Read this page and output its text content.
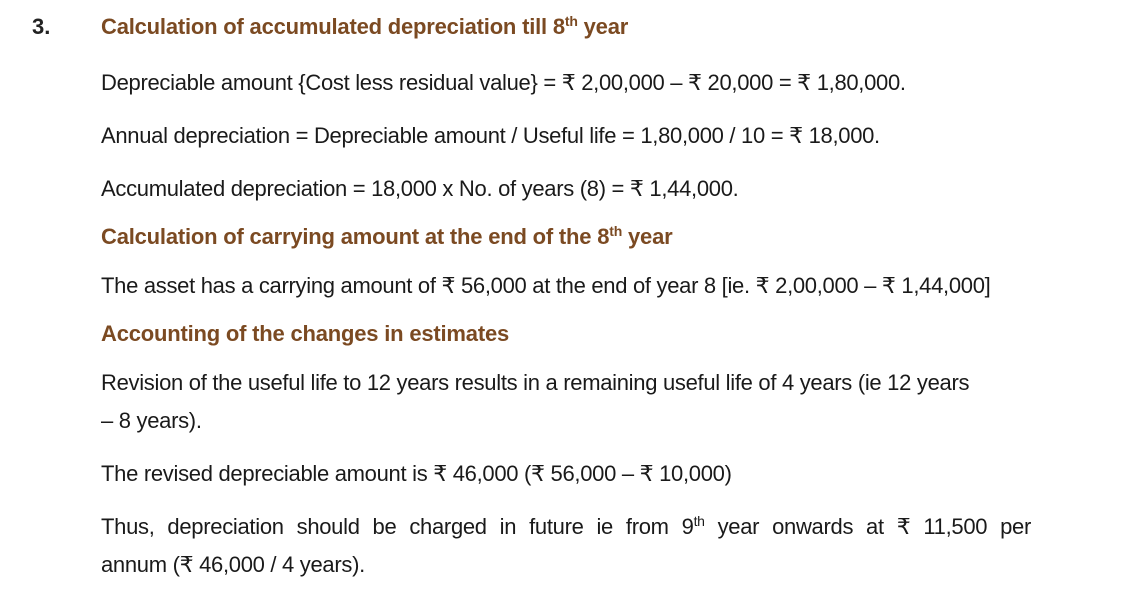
3. Calculation of accumulated depreciation till 8th year

Depreciable amount {Cost less residual value} = ₹ 2,00,000 – ₹ 20,000 = ₹ 1,80,000.

Annual depreciation = Depreciable amount / Useful life = 1,80,000 / 10 = ₹ 18,000.

Accumulated depreciation = 18,000 x No. of years (8) = ₹ 1,44,000.

Calculation of carrying amount at the end of the 8th year

The asset has a carrying amount of ₹ 56,000 at the end of year 8 [ie. ₹ 2,00,000 – ₹ 1,44,000]

Accounting of the changes in estimates

Revision of the useful life to 12 years results in a remaining useful life of 4 years (ie 12 years
– 8 years).

The revised depreciable amount is ₹ 46,000 (₹ 56,000 – ₹ 10,000)

Thus, depreciation should be charged in future ie from 9th year onwards at ₹ 11,500 per
annum (₹ 46,000 / 4 years).
